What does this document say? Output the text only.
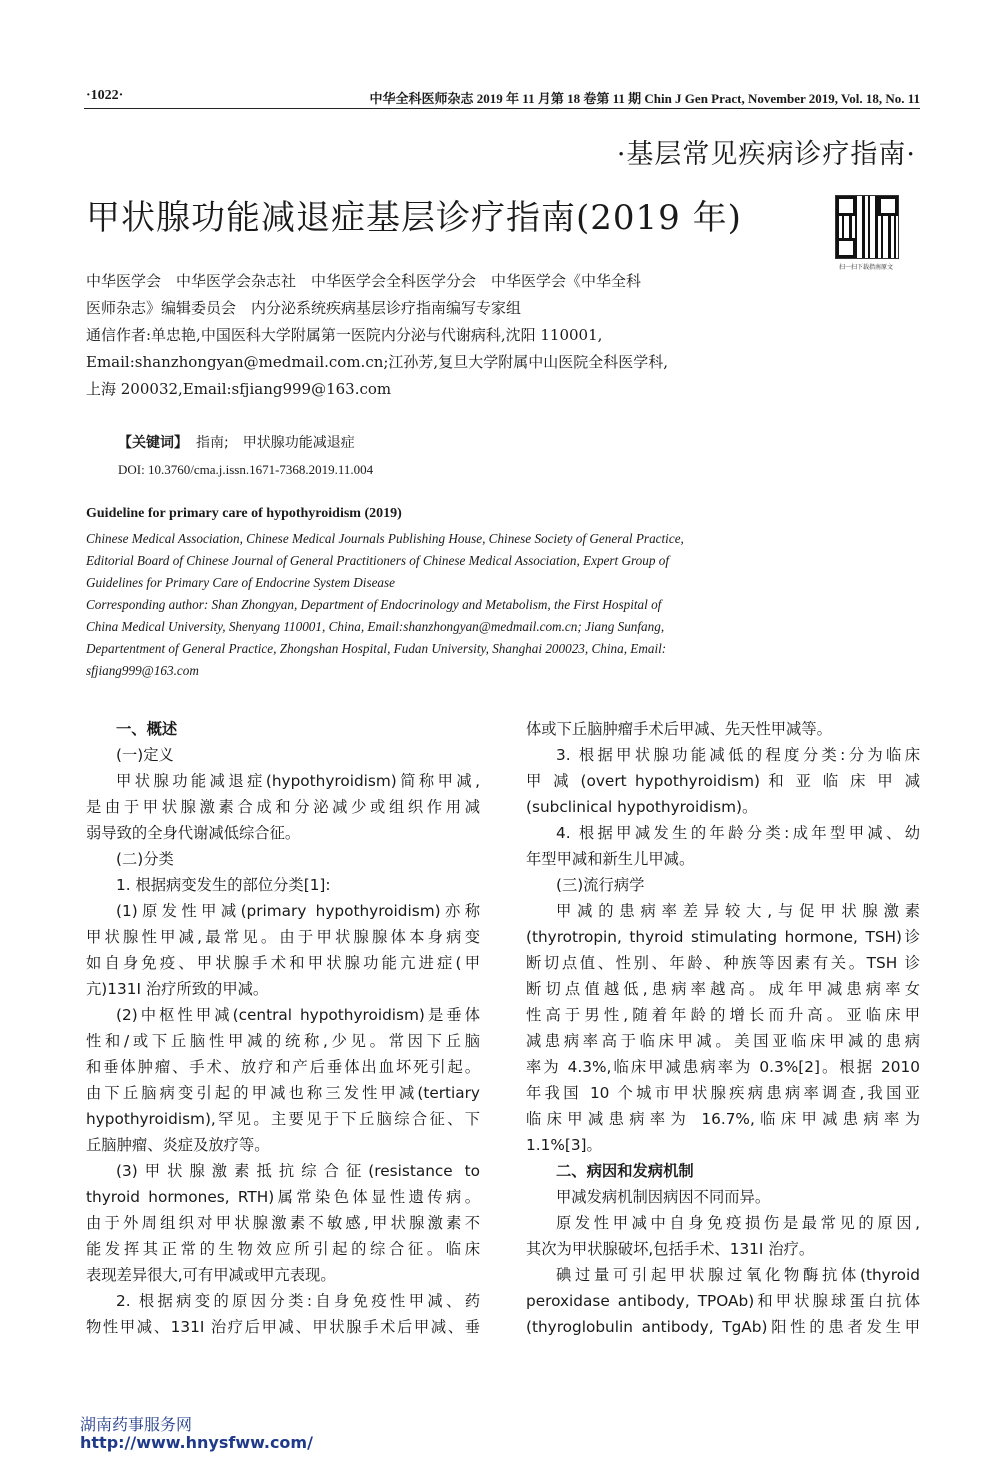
·1022·	中华全科医师杂志 2019 年 11 月第 18 卷第 11 期 Chin J Gen Pract, November 2019, Vol. 18, No. 11
·基层常见疾病诊疗指南·
甲状腺功能减退症基层诊疗指南(2019 年)
扫一扫下载指南原文
中华医学会　中华医学会杂志社　中华医学会全科医学分会　中华医学会《中华全科
医师杂志》编辑委员会　内分泌系统疾病基层诊疗指南编写专家组
通信作者:单忠艳,中国医科大学附属第一医院内分泌与代谢病科,沈阳 110001,
Email:shanzhongyan@medmail.com.cn;江孙芳,复旦大学附属中山医院全科医学科,
上海 200032,Email:sfjiang999@163.com
【关键词】 指南;　甲状腺功能减退症
DOI: 10.3760/cma.j.issn.1671-7368.2019.11.004
Guideline for primary care of hypothyroidism (2019)
Chinese Medical Association, Chinese Medical Journals Publishing House, Chinese Society of General Practice,
Editorial Board of Chinese Journal of General Practitioners of Chinese Medical Association, Expert Group of
Guidelines for Primary Care of Endocrine System Disease
Corresponding author: Shan Zhongyan, Department of Endocrinology and Metabolism, the First Hospital of
China Medical University, Shenyang 110001, China, Email:shanzhongyan@medmail.com.cn; Jiang Sunfang,
Departentment of General Practice, Zhongshan Hospital, Fudan University, Shanghai 200023, China, Email:
sfjiang999@163.com
一、概述
(一)定义
甲状腺功能减退症(hypothyroidism)简称甲减,
是由于甲状腺激素合成和分泌减少或组织作用减
弱导致的全身代谢减低综合征。
(二)分类
1. 根据病变发生的部位分类[1]:
(1)原发性甲减(primary hypothyroidism)亦称
甲状腺性甲减,最常见。由于甲状腺腺体本身病变
如自身免疫、甲状腺手术和甲状腺功能亢进症(甲
亢)131I 治疗所致的甲减。
(2)中枢性甲减(central hypothyroidism)是垂体
性和/或下丘脑性甲减的统称,少见。常因下丘脑
和垂体肿瘤、手术、放疗和产后垂体出血坏死引起。
由下丘脑病变引起的甲减也称三发性甲减(tertiary
hypothyroidism),罕见。主要见于下丘脑综合征、下
丘脑肿瘤、炎症及放疗等。
(3)甲状腺激素抵抗综合征(resistance to
thyroid hormones, RTH)属常染色体显性遗传病。
由于外周组织对甲状腺激素不敏感,甲状腺激素不
能发挥其正常的生物效应所引起的综合征。临床
表现差异很大,可有甲减或甲亢表现。
2. 根据病变的原因分类:自身免疫性甲减、药
物性甲减、131I 治疗后甲减、甲状腺手术后甲减、垂
体或下丘脑肿瘤手术后甲减、先天性甲减等。
3. 根据甲状腺功能减低的程度分类:分为临床
甲 减 (overt hypothyroidism) 和 亚 临 床 甲 减
(subclinical hypothyroidism)。
4. 根据甲减发生的年龄分类:成年型甲减、幼
年型甲减和新生儿甲减。
(三)流行病学
甲减的患病率差异较大,与促甲状腺激素
(thyrotropin, thyroid stimulating hormone, TSH)诊
断切点值、性别、年龄、种族等因素有关。TSH 诊
断切点值越低,患病率越高。成年甲减患病率女
性高于男性,随着年龄的增长而升高。亚临床甲
减患病率高于临床甲减。美国亚临床甲减的患病
率为 4.3%,临床甲减患病率为 0.3%[2]。根据 2010
年我国 10 个城市甲状腺疾病患病率调查,我国亚
临床甲减患病率为 16.7%,临床甲减患病率为
1.1%[3]。
二、病因和发病机制
甲减发病机制因病因不同而异。
原发性甲减中自身免疫损伤是最常见的原因,
其次为甲状腺破坏,包括手术、131I 治疗。
碘过量可引起甲状腺过氧化物酶抗体(thyroid
peroxidase antibody, TPOAb)和甲状腺球蛋白抗体
(thyroglobulin antibody, TgAb)阳性的患者发生甲
湖南药事服务网
http://www.hnysfww.com/
